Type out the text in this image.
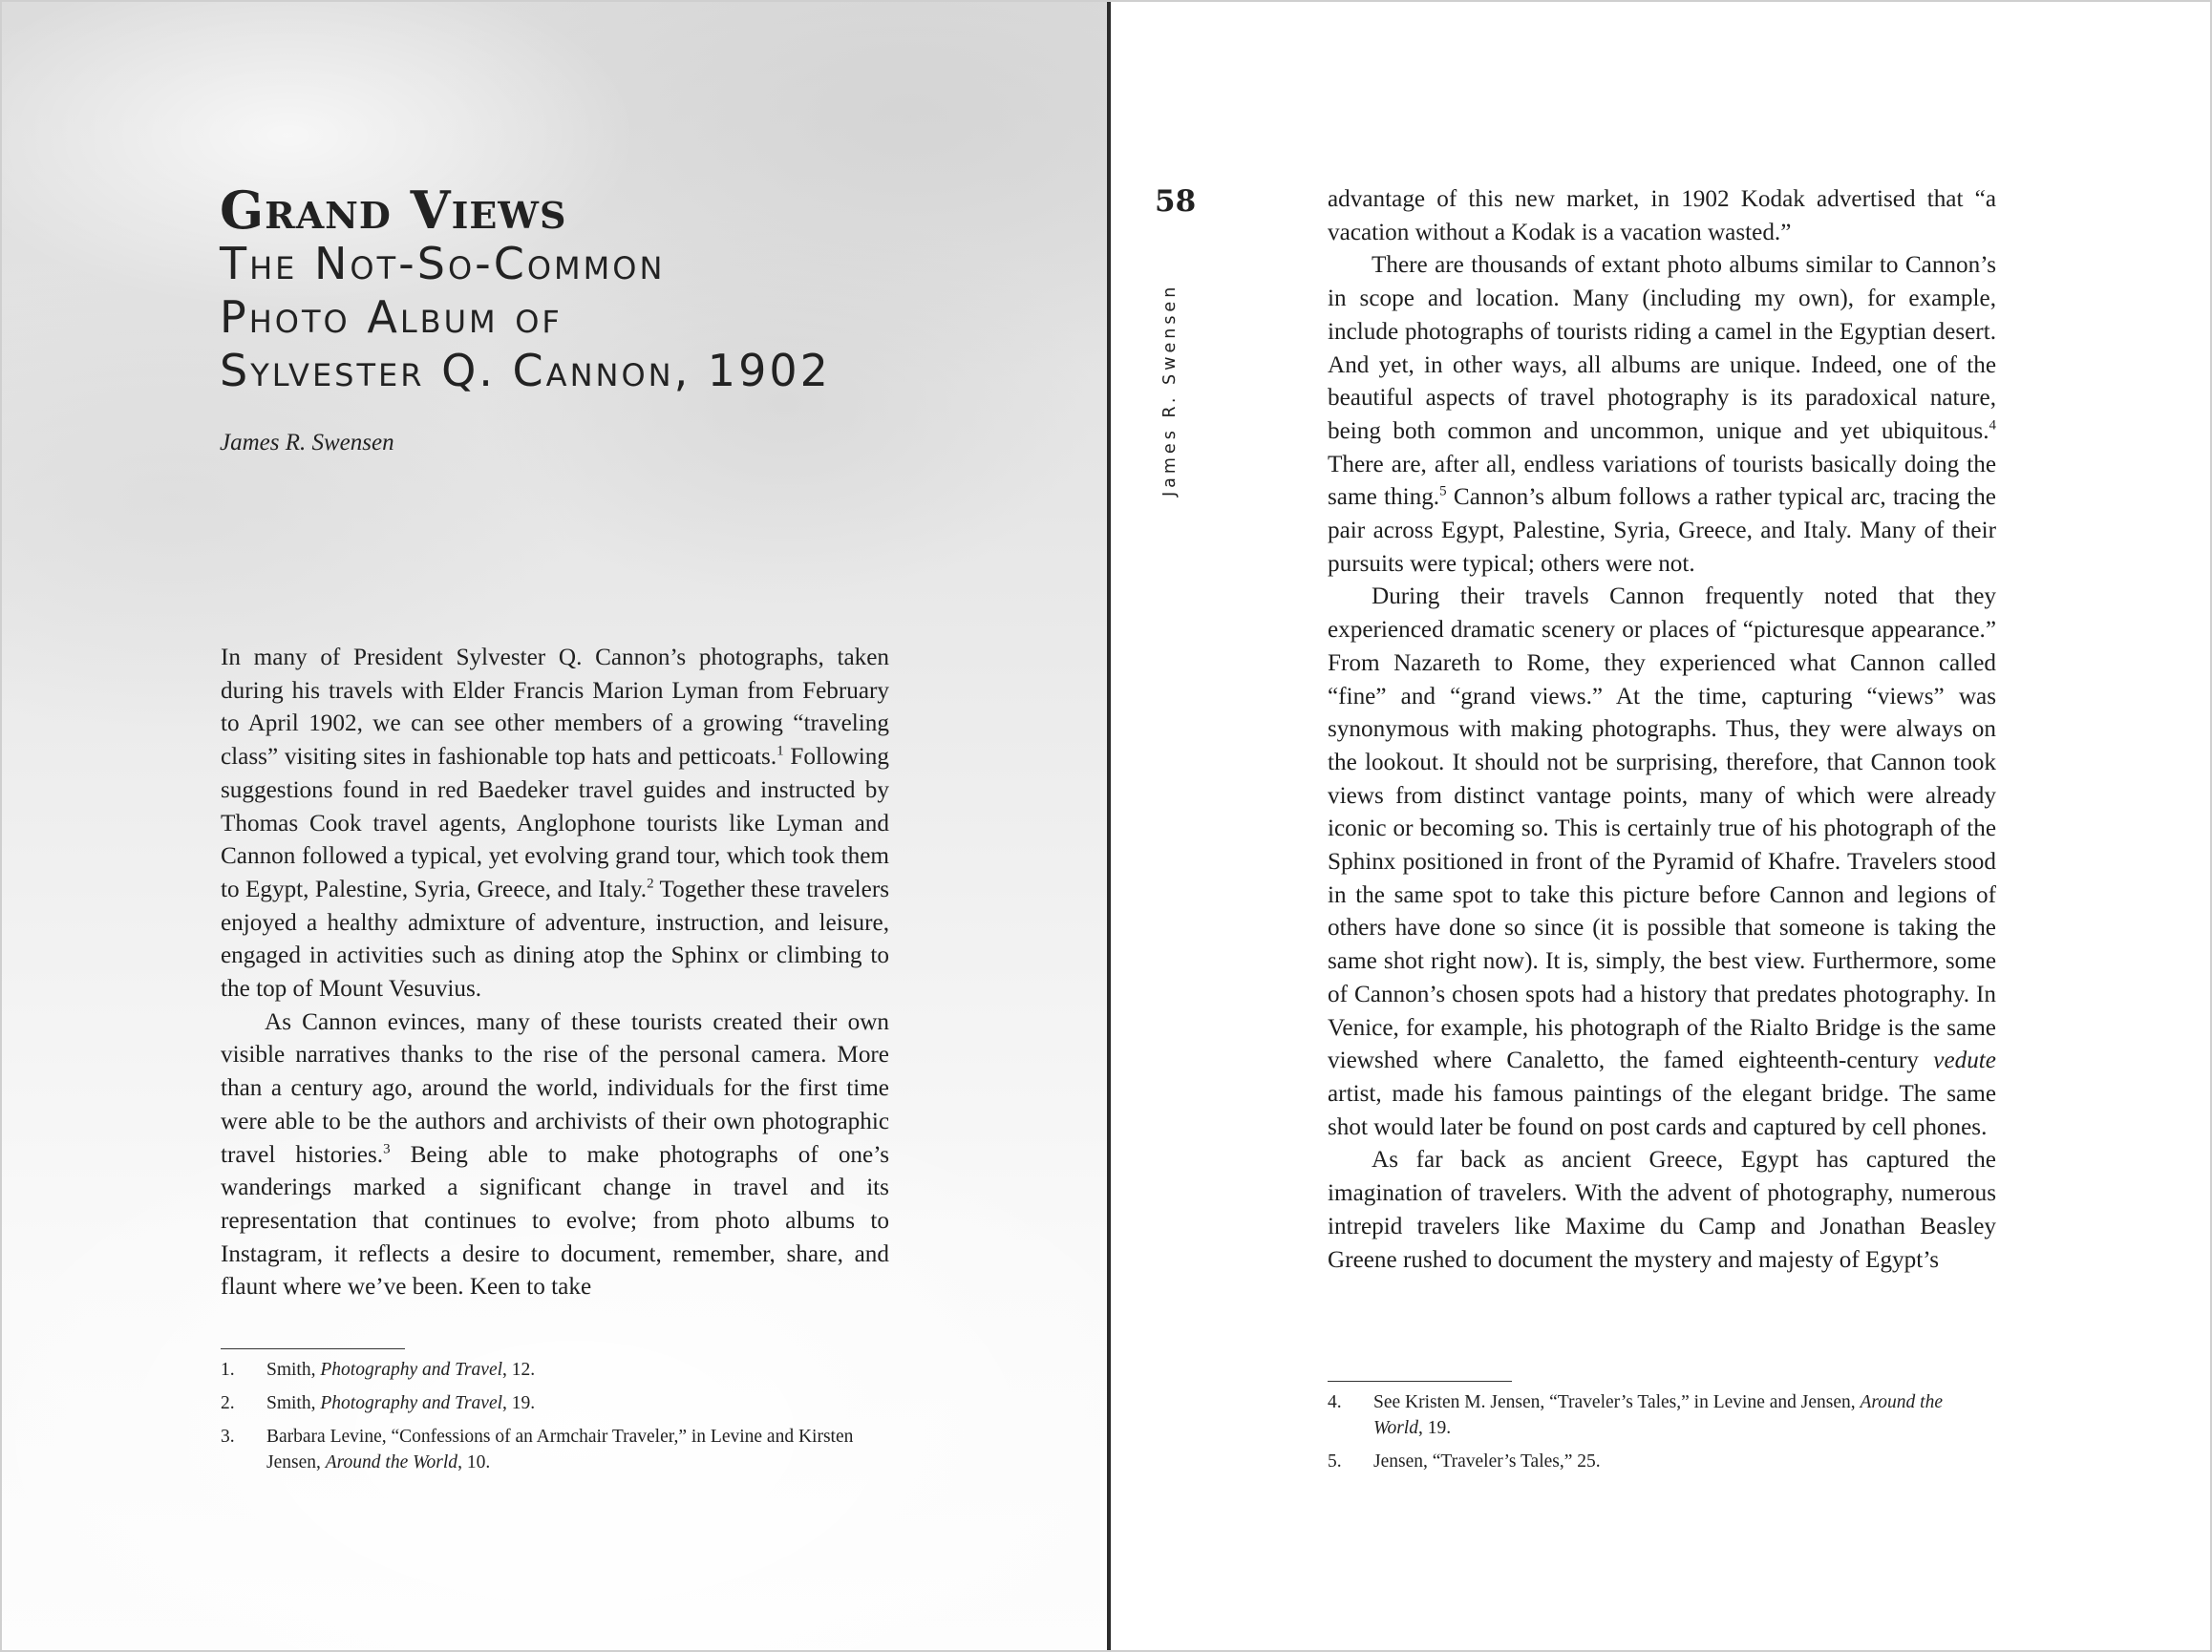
Grand Views
The Not-So-Common
Photo Album of
Sylvester Q. Cannon, 1902
James R. Swensen

In many of President Sylvester Q. Cannon’s photographs, taken during his travels with Elder Francis Marion Lyman from February to April 1902, we can see other members of a growing “traveling class” visiting sites in fashionable top hats and petticoats.$^1$ Following suggestions found in red Baedeker travel guides and instructed by Thomas Cook travel agents, Anglophone tourists like Lyman and Cannon followed a typical, yet evolving grand tour, which took them to Egypt, Palestine, Syria, Greece, and Italy.$^2$ Together these travelers enjoyed a healthy admixture of adventure, instruction, and leisure, engaged in activities such as dining atop the Sphinx or climbing to the top of Mount Vesuvius.

As Cannon evinces, many of these tourists created their own visible narratives thanks to the rise of the personal camera. More than a century ago, around the world, individuals for the first time were able to be the authors and archivists of their own photographic travel histories.$^3$ Being able to make photographs of one’s wanderings marked a significant change in travel and its representation that continues to evolve; from photo albums to Instagram, it reflects a desire to document, remember, share, and flaunt where we’ve been. Keen to take

1.	Smith, Photography and Travel, 12.
2.	Smith, Photography and Travel, 19.
3.	Barbara Levine, “Confessions of an Armchair Traveler,” in Levine and Kirsten Jensen, Around the World, 10.
58
James R. Swensen

advantage of this new market, in 1902 Kodak advertised that “a vacation without a Kodak is a vacation wasted.”

There are thousands of extant photo albums similar to Cannon’s in scope and location. Many (including my own), for example, include photographs of tourists riding a camel in the Egyptian desert. And yet, in other ways, all albums are unique. Indeed, one of the beautiful aspects of travel photography is its paradoxical nature, being both common and uncommon, unique and yet ubiquitous.$^4$ There are, after all, endless variations of tourists basically doing the same thing.$^5$ Cannon’s album follows a rather typical arc, tracing the pair across Egypt, Palestine, Syria, Greece, and Italy. Many of their pursuits were typical; others were not.

During their travels Cannon frequently noted that they experienced dramatic scenery or places of “picturesque appearance.” From Nazareth to Rome, they experienced what Cannon called “fine” and “grand views.” At the time, capturing “views” was synonymous with making photographs. Thus, they were always on the lookout. It should not be surprising, therefore, that Cannon took views from distinct vantage points, many of which were already iconic or becoming so. This is certainly true of his photograph of the Sphinx positioned in front of the Pyramid of Khafre. Travelers stood in the same spot to take this picture before Cannon and legions of others have done so since (it is possible that someone is taking the same shot right now). It is, simply, the best view. Furthermore, some of Cannon’s chosen spots had a history that predates photography. In Venice, for example, his photograph of the Rialto Bridge is the same viewshed where Canaletto, the famed eighteenth-century vedute artist, made his famous paintings of the elegant bridge. The same shot would later be found on post cards and captured by cell phones.

As far back as ancient Greece, Egypt has captured the imagination of travelers. With the advent of photography, numerous intrepid travelers like Maxime du Camp and Jonathan Beasley Greene rushed to document the mystery and majesty of Egypt’s

4.	See Kristen M. Jensen, “Traveler’s Tales,” in Levine and Jensen, Around the World, 19.
5.	Jensen, “Traveler’s Tales,” 25.
